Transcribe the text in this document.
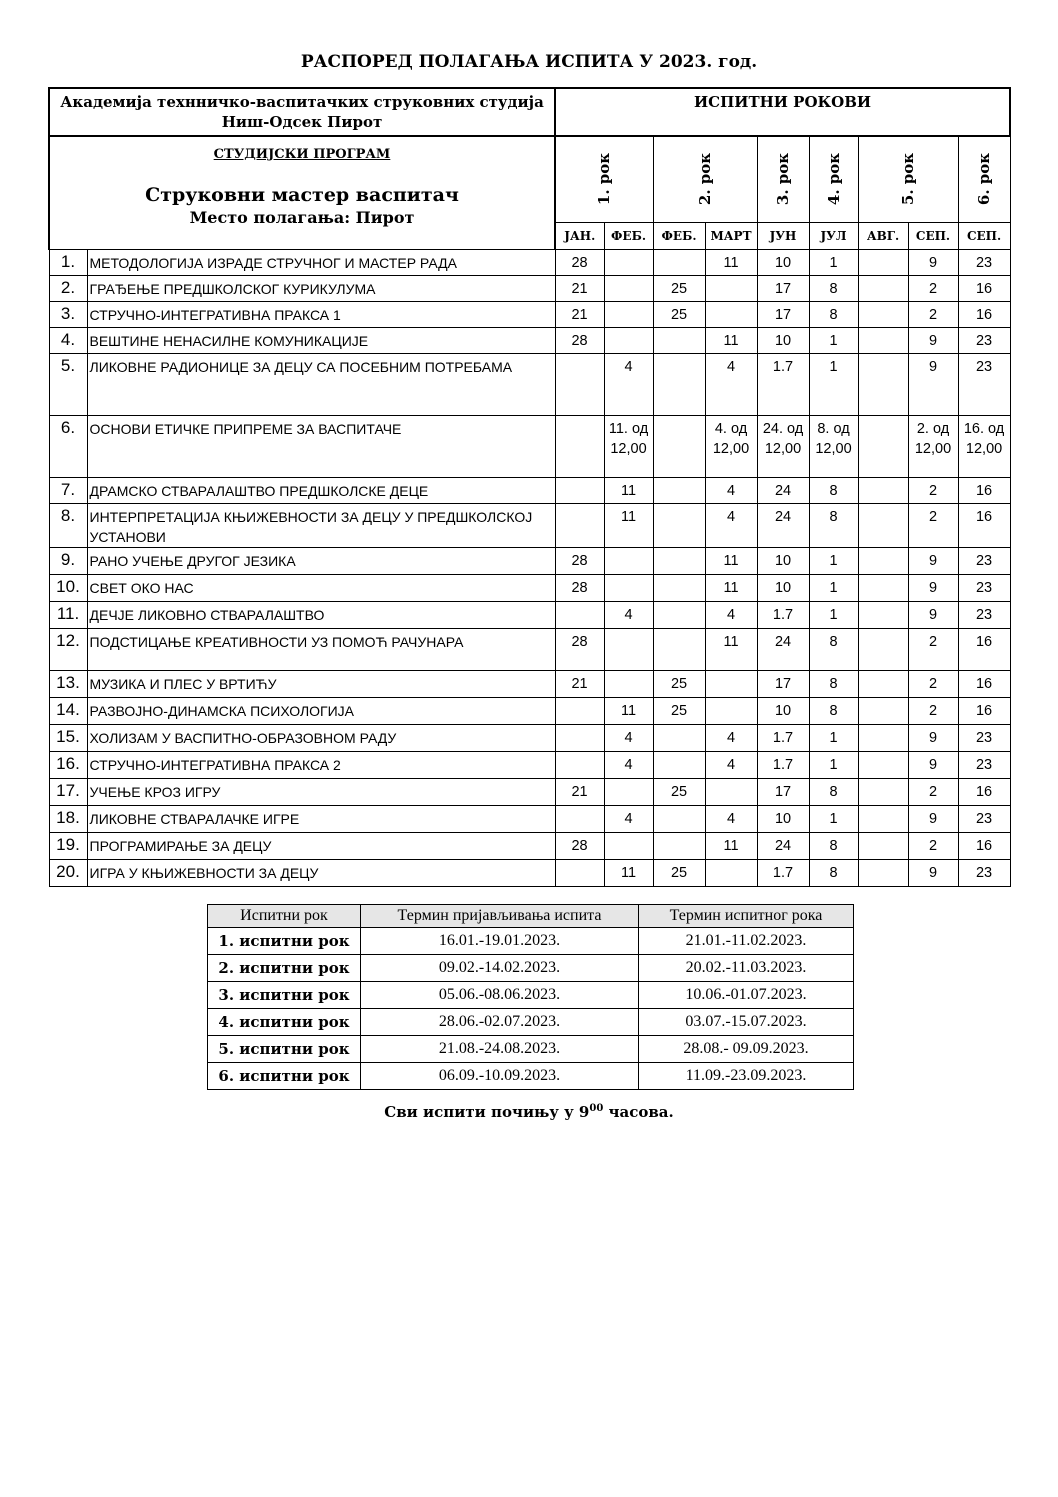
РАСПОРЕД ПОЛАГАЊА ИСПИТА У 2023. год.
Академија технничко-васпитачких струковних студија Ниш-Одсек Пирот		ИСПИТНИ РОКОВИ								

СТУДИЈСКИ ПРОГРАМ
Струковни мастер васпитач
Место полагања: Пирот		1. рок		2. рок		3. рок	4. рок	5. рок		6. рок

		ЈАН.	ФЕБ.	ФЕБ.	МАРТ	ЈУН	ЈУЛ	АВГ.	СЕП.	СЕП.
1.	МЕТОДОЛОГИЈА ИЗРАДЕ СТРУЧНОГ И МАСТЕР РАДА	28			11	10	1		9	23
2.	ГРАЂЕЊЕ ПРЕДШКОЛСКОГ КУРИКУЛУМА	21		25		17	8		2	16
3.	СТРУЧНО-ИНТЕГРАТИВНА ПРАКСА 1	21		25		17	8		2	16
4.	ВЕШТИНЕ НЕНАСИЛНЕ КОМУНИКАЦИЈЕ	28			11	10	1		9	23
5.	ЛИКОВНЕ РАДИОНИЦЕ ЗА ДЕЦУ СА ПОСЕБНИМ ПОТРЕБАМА		4		4	1.7	1		9	23
6.	ОСНОВИ ЕТИЧКЕ ПРИПРЕМЕ ЗА ВАСПИТАЧЕ		11. од 12,00		4. од 12,00	24. од 12,00	8. од 12,00		2. од 12,00	16. од 12,00
7.	ДРАМСКО СТВАРАЛАШТВО ПРЕДШКОЛСКЕ ДЕЦЕ		11		4	24	8		2	16
8.	ИНТЕРПРЕТАЦИЈА КЊИЖЕВНОСТИ ЗА ДЕЦУ У ПРЕДШКОЛСКОЈ УСТАНОВИ		11		4	24	8		2	16
9.	РАНО УЧЕЊЕ ДРУГОГ ЈЕЗИКА	28			11	10	1		9	23
10.	СВЕТ ОКО НАС	28			11	10	1		9	23
11.	ДЕЧЈЕ ЛИКОВНО СТВАРАЛАШТВО		4		4	1.7	1		9	23
12.	ПОДСТИЦАЊЕ КРЕАТИВНОСТИ УЗ ПОМОЋ РАЧУНАРА	28			11	24	8		2	16
13.	МУЗИКА И ПЛЕС У ВРТИЋУ	21		25		17	8		2	16
14.	РАЗВОЈНО-ДИНАМСКА ПСИХОЛОГИЈА		11	25		10	8		2	16
15.	ХОЛИЗАМ У ВАСПИТНО-ОБРАЗОВНОМ РАДУ		4		4	1.7	1		9	23
16.	СТРУЧНО-ИНТЕГРАТИВНА ПРАКСА 2		4		4	1.7	1		9	23
17.	УЧЕЊЕ КРОЗ ИГРУ	21		25		17	8		2	16
18.	ЛИКОВНЕ СТВАРАЛАЧКЕ ИГРЕ		4		4	10	1		9	23
19.	ПРОГРАМИРАЊЕ ЗА ДЕЦУ	28			11	24	8		2	16
20.	ИГРА У КЊИЖЕВНОСТИ ЗА ДЕЦУ		11	25		1.7	8		9	23
Испитни рок	Термин пријављивања испита	Термин испитног рока
1. испитни рок	16.01.-19.01.2023.	21.01.-11.02.2023.
2. испитни рок	09.02.-14.02.2023.	20.02.-11.03.2023.
3. испитни рок	05.06.-08.06.2023.	10.06.-01.07.2023.
4. испитни рок	28.06.-02.07.2023.	03.07.-15.07.2023.
5. испитни рок	21.08.-24.08.2023.	28.08.- 09.09.2023.
6. испитни рок	06.09.-10.09.2023.	11.09.-23.09.2023.
Сви испити почињу у $9^{00}$ часова.
